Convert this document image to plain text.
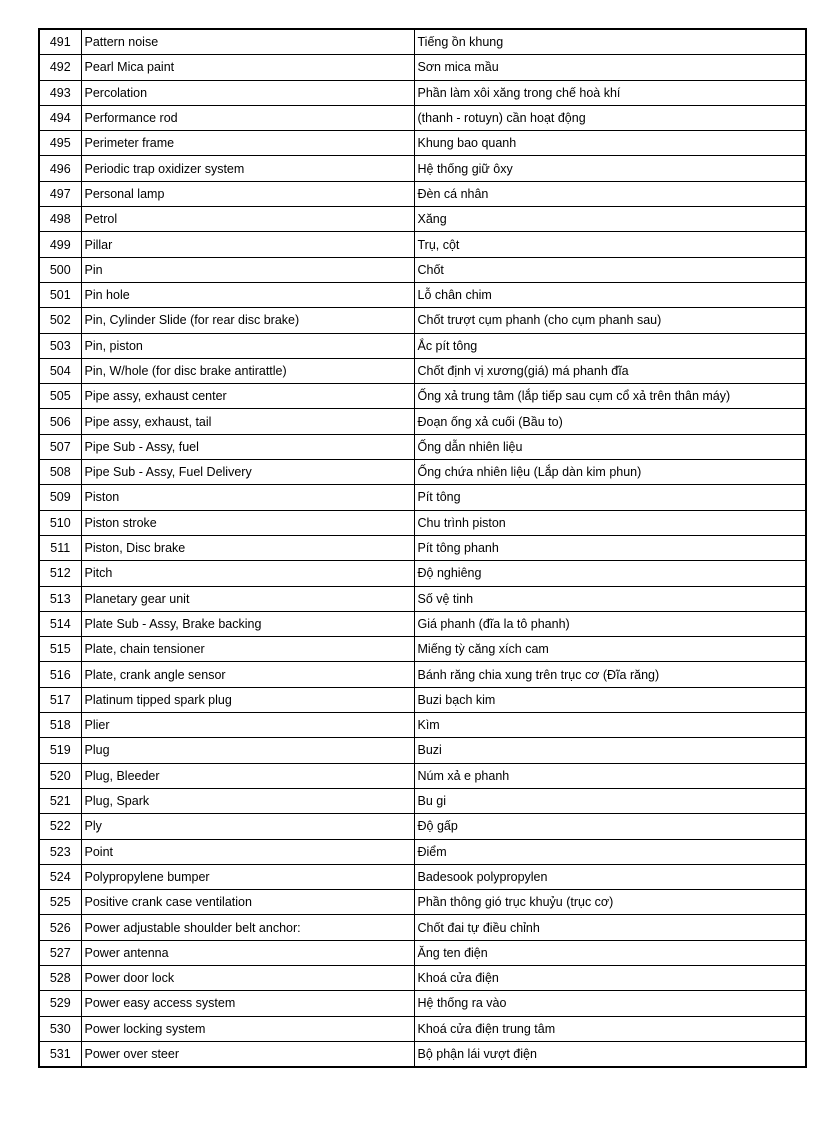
491	Pattern noise	Tiếng ồn khung
492	Pearl Mica paint	Sơn mica mầu
493	Percolation	Phần làm xôi xăng trong chế hoà khí
494	Performance rod	(thanh - rotuyn) cần hoạt động
495	Perimeter frame	Khung bao quanh
496	Periodic trap oxidizer system	Hệ thống giữ ôxy
497	Personal lamp	Đèn cá nhân
498	Petrol	Xăng
499	Pillar	Trụ, cột
500	Pin	Chốt
501	Pin hole	Lỗ chân chim
502	Pin, Cylinder Slide (for rear disc brake)	Chốt trượt cụm phanh (cho cụm phanh sau)
503	Pin, piston	Ắc pít tông
504	Pin, W/hole (for disc brake antirattle)	Chốt định vị xương(giá) má phanh đĩa
505	Pipe assy, exhaust center	Ống xả trung tâm (lắp tiếp sau cụm cổ xả trên thân máy)
506	Pipe assy, exhaust, tail	Đoạn ống xả cuối (Bầu to)
507	Pipe Sub - Assy, fuel	Ống dẫn nhiên liệu
508	Pipe Sub - Assy, Fuel Delivery	Ống chứa nhiên liệu (Lắp dàn kim phun)
509	Piston	Pít tông
510	Piston stroke	Chu trình piston
511	Piston, Disc brake	Pít tông phanh
512	Pitch	Độ nghiêng
513	Planetary gear unit	Số vệ tinh
514	Plate Sub - Assy, Brake backing	Giá phanh (đĩa la tô phanh)
515	Plate, chain tensioner	Miếng tỳ căng xích cam
516	Plate, crank angle sensor	Bánh răng chia xung trên trục cơ (Đĩa răng)
517	Platinum tipped spark plug	Buzi bạch kim
518	Plier	Kìm
519	Plug	Buzi
520	Plug, Bleeder	Núm xả e phanh
521	Plug, Spark	Bu gi
522	Ply	Độ gấp
523	Point	Điểm
524	Polypropylene bumper	Badesook polypropylen
525	Positive crank case ventilation	Phần thông gió trục khuỷu (trục cơ)
526	Power adjustable shoulder belt anchor:	Chốt đai tự điều chỉnh
527	Power antenna	Ăng ten điện
528	Power door lock	Khoá cửa điện
529	Power easy access system	Hệ thống ra vào
530	Power locking system	Khoá cửa điện trung tâm
531	Power over steer	Bộ phận lái vượt điện
